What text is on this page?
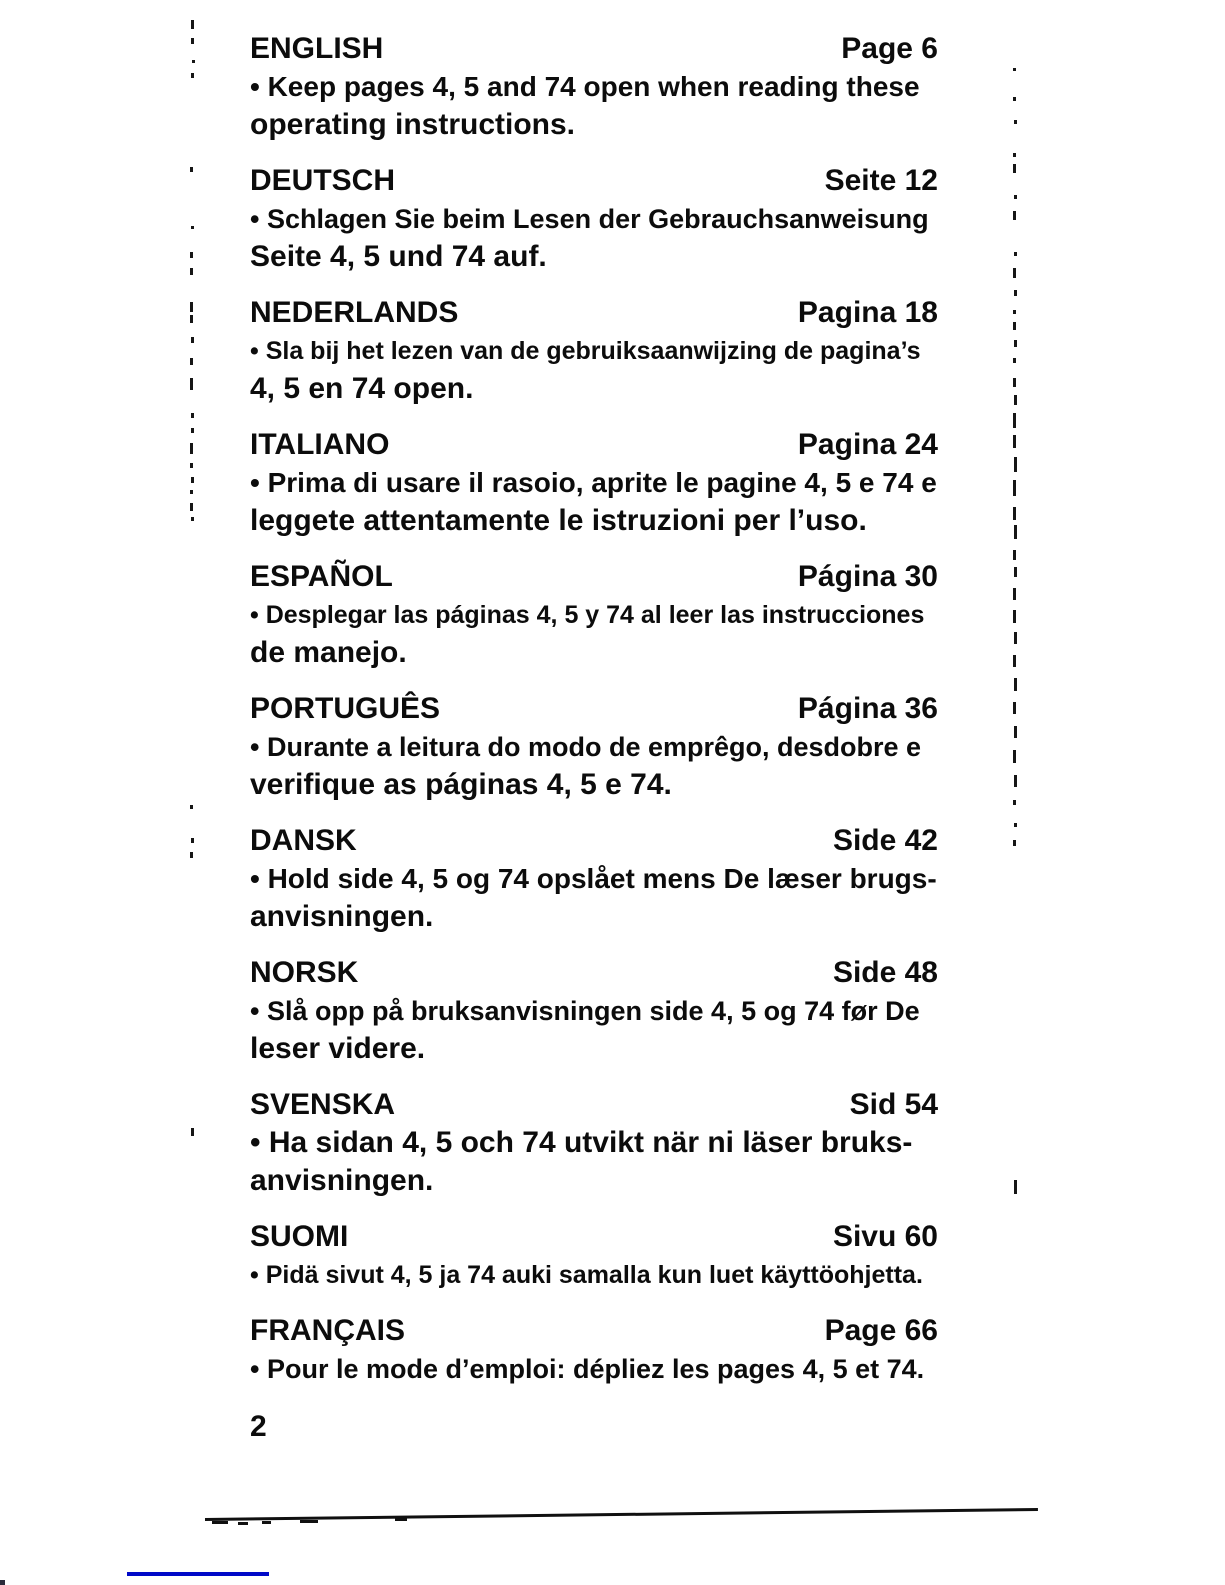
ENGLISH	Page 6
• Keep pages 4, 5 and 74 open when reading these
operating instructions.
DEUTSCH	Seite 12
• Schlagen Sie beim Lesen der Gebrauchsanweisung
Seite 4, 5 und 74 auf.
NEDERLANDS	Pagina 18
• Sla bij het lezen van de gebruiksaanwijzing de pagina’s
4, 5 en 74 open.
ITALIANO	Pagina 24
• Prima di usare il rasoio, aprite le pagine 4, 5 e 74 e
leggete attentamente le istruzioni per l’uso.
ESPAÑOL	Página 30
• Desplegar las páginas 4, 5 y 74 al leer las instrucciones
de manejo.
PORTUGUÊS	Página 36
• Durante a leitura do modo de emprêgo, desdobre e
verifique as páginas 4, 5 e 74.
DANSK	Side 42
• Hold side 4, 5 og 74 opslået mens De læser brugs-
anvisningen.
NORSK	Side 48
• Slå opp på bruksanvisningen side 4, 5 og 74 før De
leser videre.
SVENSKA	Sid 54
• Ha sidan 4, 5 och 74 utvikt när ni läser bruks-
anvisningen.
SUOMI	Sivu 60
• Pidä sivut 4, 5 ja 74 auki samalla kun luet käyttöohjetta.
FRANÇAIS	Page 66
• Pour le mode d’emploi: dépliez les pages 4, 5 et 74.
2
